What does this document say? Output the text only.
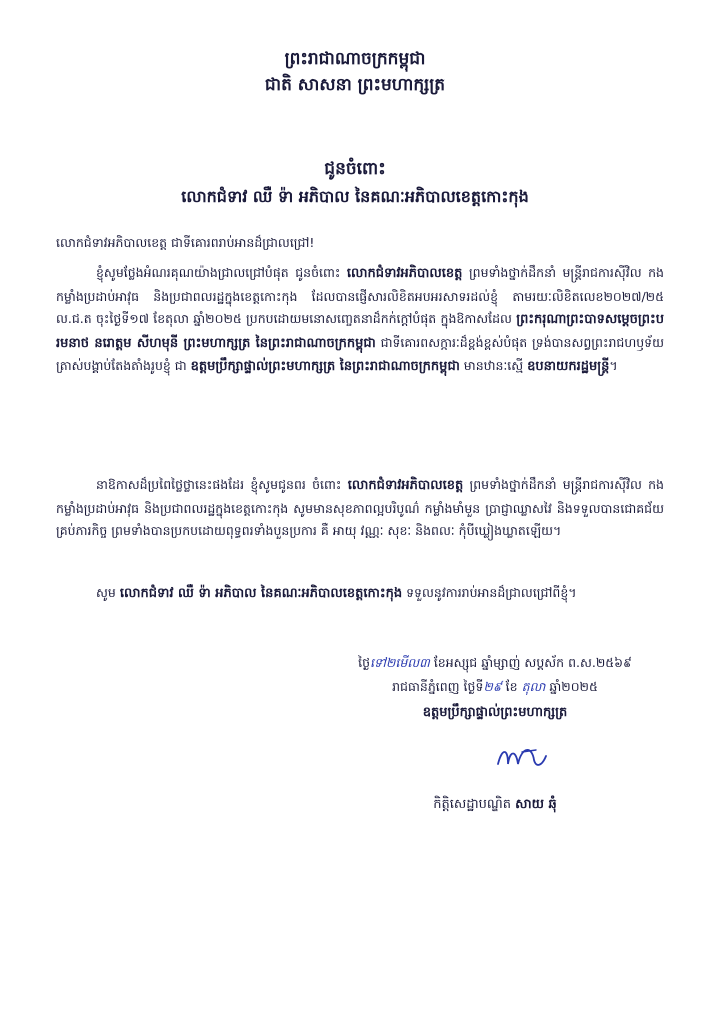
ព្រះរាជាណាចក្រកម្ពុជា
ជាតិ សាសនា ព្រះមហាក្សត្រ
ជូនចំពោះ
លោកជំទាវ ឈឺ ទ៉ា អភិបាល នៃគណៈអភិបាលខេត្តកោះកុង
លោកជំទាវអភិបាលខេត្ត ជាទីគោរពរាប់អានដ៏ជ្រាលជ្រៅ!
ខ្ញុំសូមថ្លែងអំណរគុណយ៉ាងជ្រាលជ្រៅបំផុត ជូនចំពោះ លោកជំទាវអភិបាលខេត្ត ព្រមទាំងថ្នាក់ដឹកនាំ មន្ត្រីរាជការស៊ីវិល កងកម្លាំងប្រដាប់អាវុធ និងប្រជាពលរដ្ឋក្នុងខេត្តកោះកុង ដែលបានផ្ញើសារលិខិតអបអរសាទរដល់ខ្ញុំ តាមរយៈលិខិតលេខ២០២៧/២៥ ល.ជ.ត ចុះថ្ងៃទី១៧ ខែតុលា ឆ្នាំ២០២៥ ប្រកបដោយមនោសញ្ចេតនាដ៏កក់ក្តៅបំផុត ក្នុងឱកាសដែល ព្រះករុណាព្រះបាទសម្តេចព្រះបរមនាថ នរោត្តម សីហមុនី ព្រះមហាក្សត្រ នៃព្រះរាជាណាចក្រកម្ពុជា ជាទីគោរពសក្ការៈដ៏ខ្ពង់ខ្ពស់បំផុត ទ្រង់បានសព្វព្រះរាជហឫទ័យត្រាស់បង្គាប់តែងតាំងរូបខ្ញុំ ជា ឧត្តមប្រឹក្សាផ្ទាល់ព្រះមហាក្សត្រ នៃព្រះរាជាណាចក្រកម្ពុជា មានឋានៈស្មើ ឧបនាយករដ្ឋមន្ត្រី។
នាឱកាសដ៏ប្រពៃថ្លៃថ្លានេះផងដែរ ខ្ញុំសូមជូនពរ ចំពោះ លោកជំទាវអភិបាលខេត្ត ព្រមទាំងថ្នាក់ដឹកនាំ មន្ត្រីរាជការស៊ីវិល កងកម្លាំងប្រដាប់អាវុធ និងប្រជាពលរដ្ឋក្នុងខេត្តកោះកុង សូមមានសុខភាពល្អបរិបូណ៌ កម្លាំងមាំមួន ប្រាជ្ញាឈ្លាសវៃ និងទទួលបានជោគជ័យគ្រប់ភារកិច្ច ព្រមទាំងបានប្រកបដោយពុទ្ធពរទាំងបួនប្រការ គឺ អាយុ វណ្ណៈ សុខៈ និងពលៈ កុំបីឃ្លៀងឃ្លាតឡើយ។
សូម លោកជំទាវ ឈឺ ទ៉ា អភិបាល នៃគណៈអភិបាលខេត្តកោះកុង ទទួលនូវការរាប់អានដ៏ជ្រាលជ្រៅពីខ្ញុំ។
ថ្ងៃទៅ២មើល៣ ខែអស្សុជ ឆ្នាំម្សាញ់ សប្តស័ក ព.ស.២៥៦៩
រាជធានីភ្នំពេញ ថ្ងៃទី២៩ ខែ តុលា ឆ្នាំ២០២៥
ឧត្តមប្រឹក្សាផ្ទាល់ព្រះមហាក្សត្រ
កិត្តិសេដ្ឋាបណ្ឌិត សាយ ឆុំ
